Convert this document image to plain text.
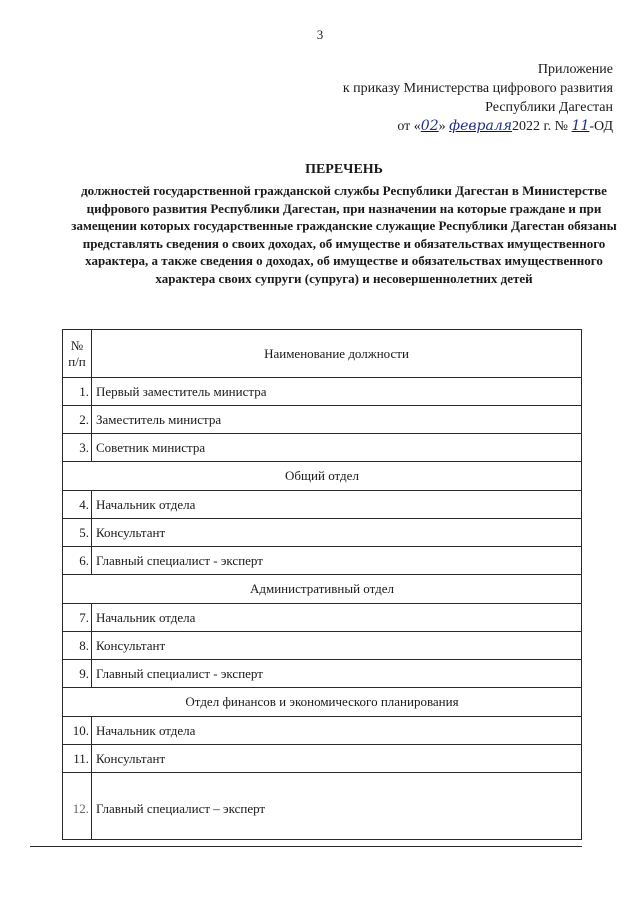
3
Приложение
к приказу Министерства цифрового развития
Республики Дагестан
от «02» февраля2022 г. № 11-ОД
ПЕРЕЧЕНЬ
должностей государственной гражданской службы Республики Дагестан в Министерстве цифрового развития Республики Дагестан, при назначении на которые граждане и при замещении которых государственные гражданские служащие Республики Дагестан обязаны представлять сведения о своих доходах, об имуществе и обязательствах имущественного характера, а также сведения о доходах, об имуществе и обязательствах имущественного характера своих супруги (супруга) и несовершеннолетних детей
№ п/п	Наименование должности
1.	Первый заместитель министра
2.	Заместитель министра
3.	Советник министра
Общий отдел	
4.	Начальник отдела
5.	Консультант
6.	Главный специалист - эксперт
Административный отдел	
7.	Начальник отдела
8.	Консультант
9.	Главный специалист - эксперт
Отдел финансов и экономического планирования	
10.	Начальник отдела
11.	Консультант
12.	Главный специалист – эксперт
